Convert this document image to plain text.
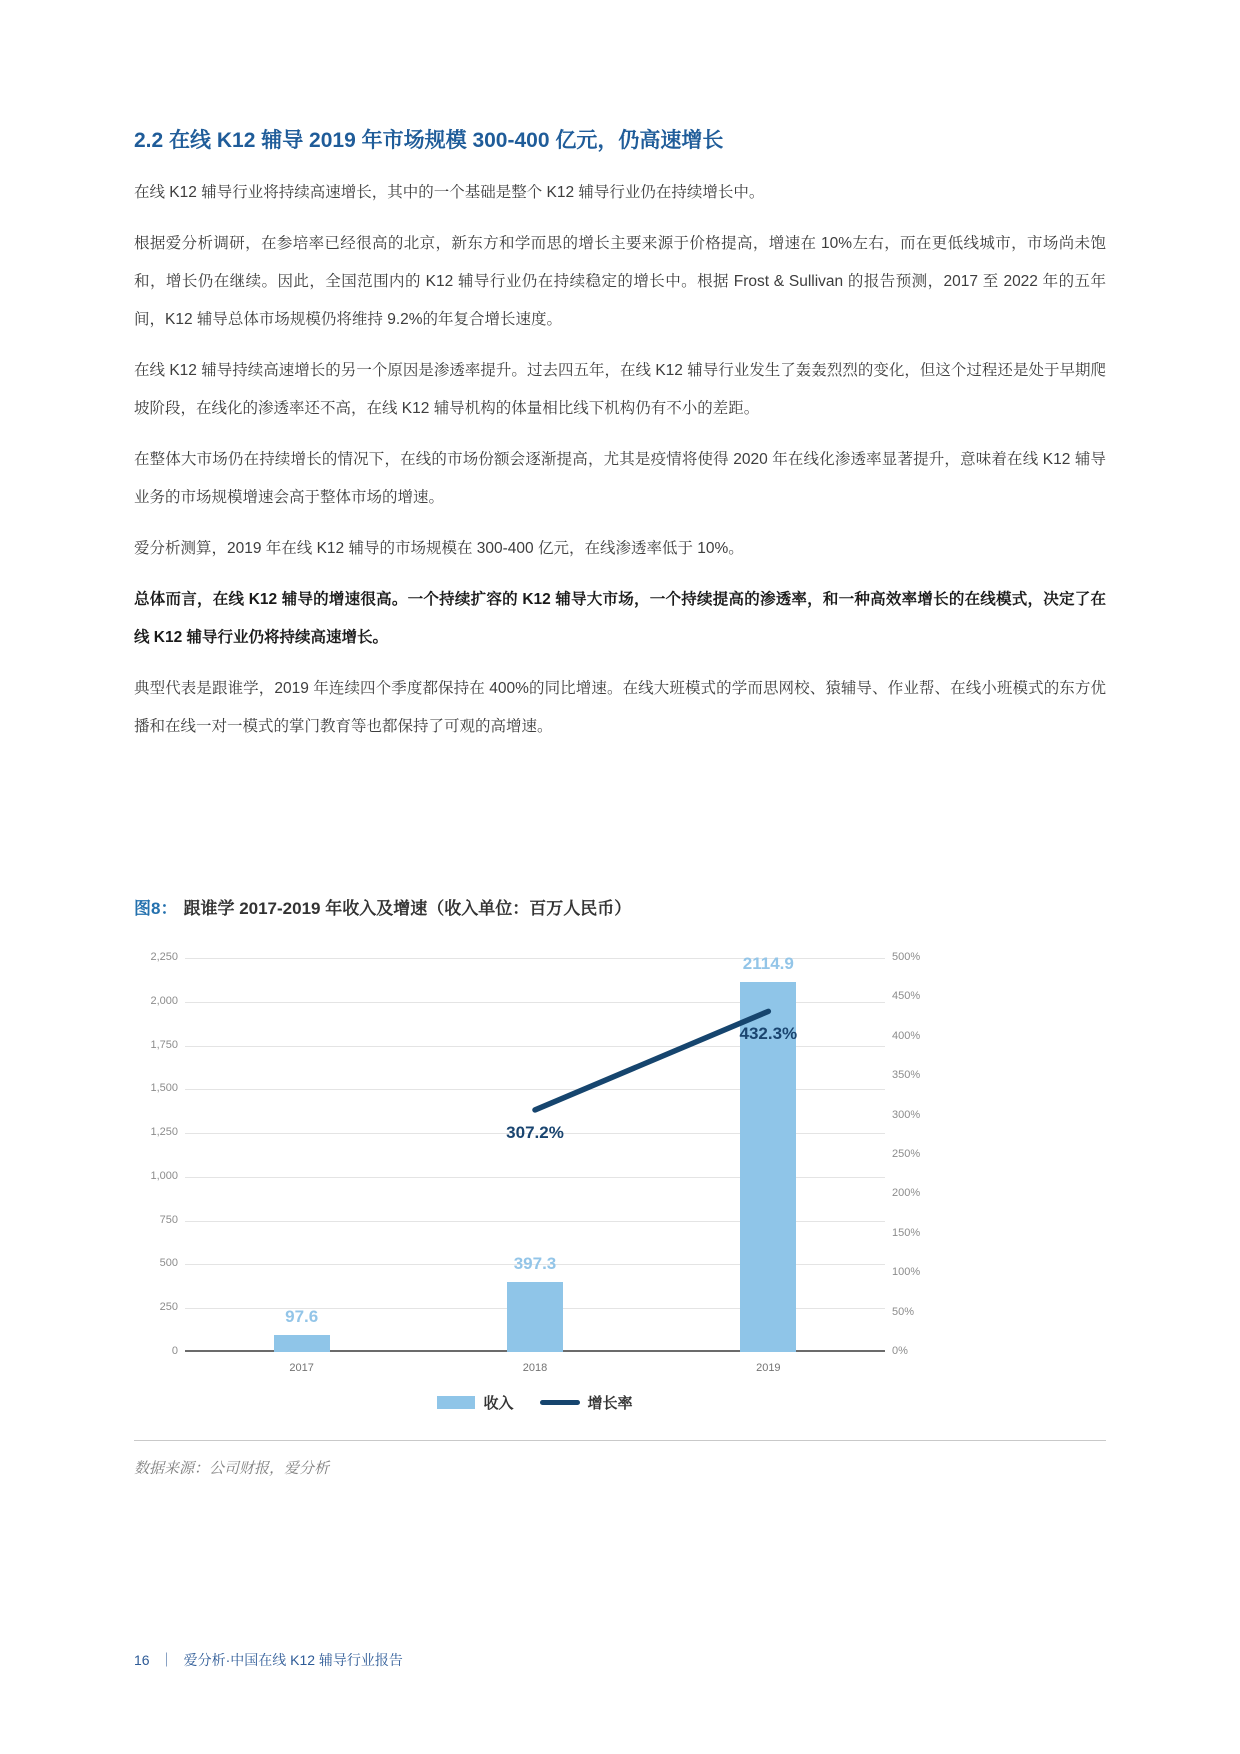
2.2 在线 K12 辅导 2019 年市场规模 300-400 亿元，仍高速增长

在线 K12 辅导行业将持续高速增长，其中的一个基础是整个 K12 辅导行业仍在持续增长中。

根据爱分析调研，在参培率已经很高的北京，新东方和学而思的增长主要来源于价格提高，增速在 10%左右，而在更低线城市，市场尚未饱和，增长仍在继续。因此，全国范围内的 K12 辅导行业仍在持续稳定的增长中。根据 Frost & Sullivan 的报告预测，2017 至 2022 年的五年间，K12 辅导总体市场规模仍将维持 9.2%的年复合增长速度。

在线 K12 辅导持续高速增长的另一个原因是渗透率提升。过去四五年，在线 K12 辅导行业发生了轰轰烈烈的变化，但这个过程还是处于早期爬坡阶段，在线化的渗透率还不高，在线 K12 辅导机构的体量相比线下机构仍有不小的差距。

在整体大市场仍在持续增长的情况下，在线的市场份额会逐渐提高，尤其是疫情将使得 2020 年在线化渗透率显著提升，意味着在线 K12 辅导业务的市场规模增速会高于整体市场的增速。

爱分析测算，2019 年在线 K12 辅导的市场规模在 300-400 亿元，在线渗透率低于 10%。

总体而言，在线 K12 辅导的增速很高。一个持续扩容的 K12 辅导大市场，一个持续提高的渗透率，和一种高效率增长的在线模式，决定了在线 K12 辅导行业仍将持续高速增长。

典型代表是跟谁学，2019 年连续四个季度都保持在 400%的同比增速。在线大班模式的学而思网校、猿辅导、作业帮、在线小班模式的东方优播和在线一对一模式的掌门教育等也都保持了可观的高增速。

图8： 跟谁学 2017-2019 年收入及增速（收入单位：百万人民币）
97.6
397.3
2114.9
307.2%
432.3%
2,250
2,000
1,750
1,500
1,250
1,000
750
500
250
0
500%
450%
400%
350%
300%
250%
200%
150%
100%
50%
0%
2017	2018	2019
收入	增长率
数据来源：公司财报，爱分析
16 ｜ 爱分析·中国在线 K12 辅导行业报告
